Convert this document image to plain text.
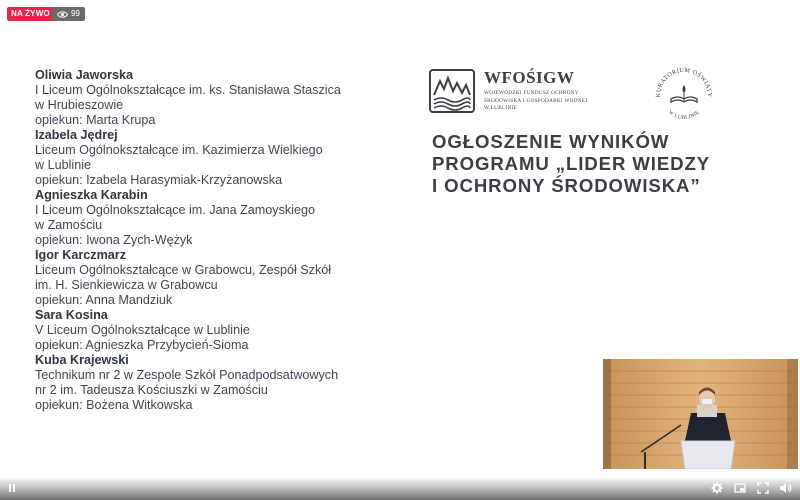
NA ŻYWO	99
Oliwia Jaworska
I Liceum Ogólnokształcące im. ks. Stanisława Staszica
w Hrubieszowie
opiekun: Marta Krupa
Izabela Jędrej
Liceum Ogólnokształcące im. Kazimierza Wielkiego
w Lublinie
opiekun: Izabela Harasymiak-Krzyżanowska
Agnieszka Karabin
I Liceum Ogólnokształcące im. Jana Zamoyskiego
w Zamościu
opiekun: Iwona Zych-Wężyk
Igor Karczmarz
Liceum Ogólnokształcące w Grabowcu, Zespół Szkół
im. H. Sienkiewicza w Grabowcu
opiekun: Anna Mandziuk
Sara Kosina
V Liceum Ogólnokształcące w Lublinie
opiekun: Agnieszka Przybycień-Sioma
Kuba Krajewski
Technikum nr 2 w Zespole Szkół Ponadpodsatwowych
nr 2 im. Tadeusza Kościuszki w Zamościu
opiekun: Bożena Witkowska
WFOŚIGW
WOJEWÓDZKI FUNDUSZ OCHRONY
ŚRODOWISKA I GOSPODARKI WODNEJ
W LUBLINIE
KURATORIUM OŚWIATY
W LUBLINIE
OGŁOSZENIE WYNIKÓW
PROGRAMU „LIDER WIEDZY
I OCHRONY ŚRODOWISKA”
